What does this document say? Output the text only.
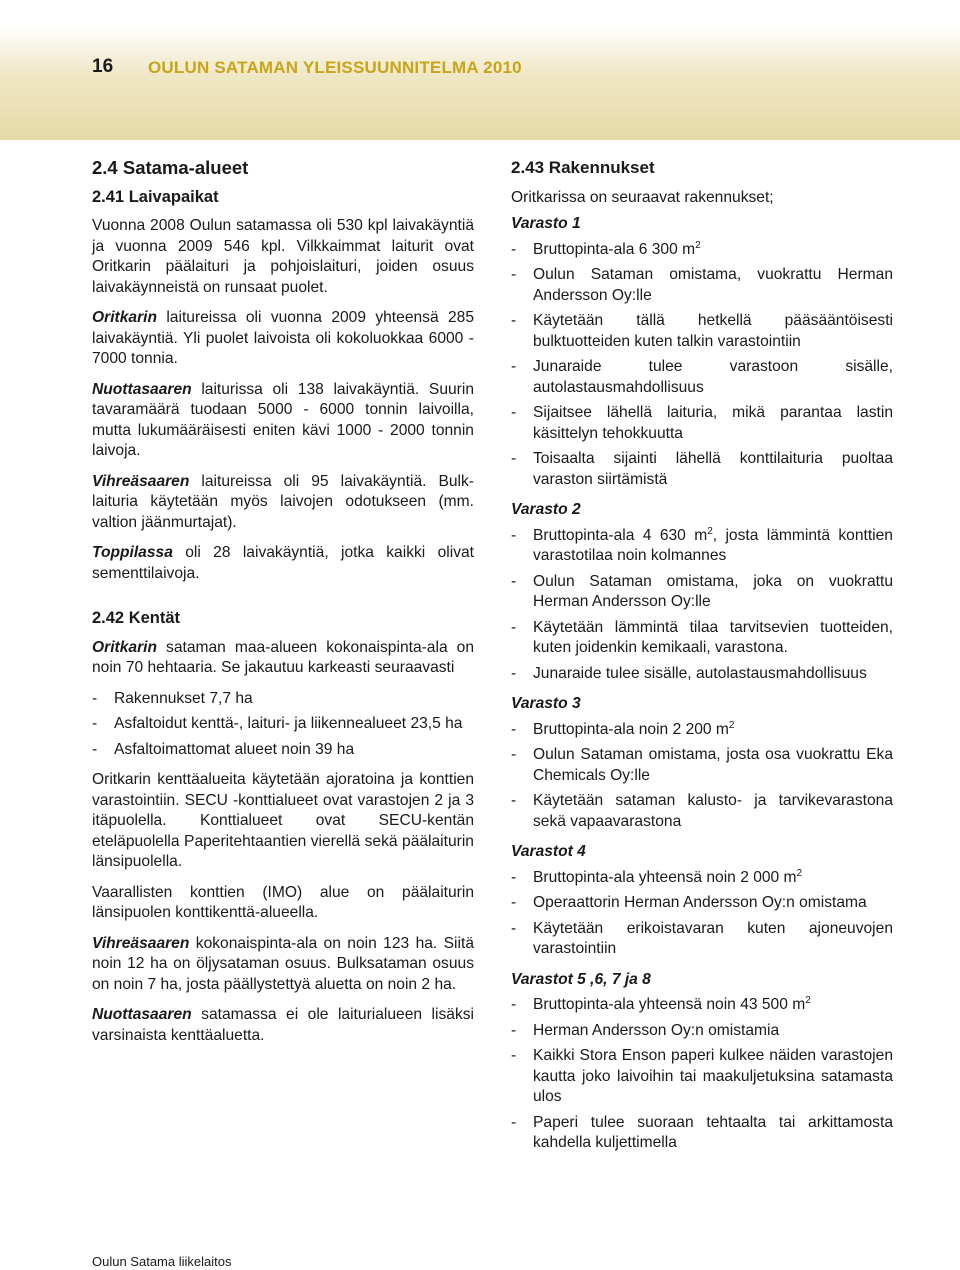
16 OULUN SATAMAN YLEISSUUNNITELMA 2010
2.4 Satama-alueet
2.41 Laivapaikat

Vuonna 2008 Oulun satamassa oli 530 kpl laivakäyntiä ja vuonna 2009 546 kpl. Vilkkaimmat laiturit ovat Oritkarin päälaituri ja pohjoislaituri, joiden osuus laivakäynneistä on runsaat puolet.

Oritkarin laitureissa oli vuonna 2009 yhteensä 285 laivakäyntiä. Yli puolet laivoista oli kokoluokkaa 6000 - 7000 tonnia.

Nuottasaaren laiturissa oli 138 laivakäyntiä. Suurin tavaramäärä tuodaan 5000 - 6000 tonnin laivoilla, mutta lukumääräisesti eniten kävi 1000 - 2000 tonnin laivoja.

Vihreäsaaren laitureissa oli 95 laivakäyntiä. Bulk-laituria käytetään myös laivojen odotukseen (mm. valtion jäänmurtajat).

Toppilassa oli 28 laivakäyntiä, jotka kaikki olivat sementtilaivoja.

2.42 Kentät

Oritkarin sataman maa-alueen kokonaispinta-ala on noin 70 hehtaaria. Se jakautuu karkeasti seuraavasti

- Rakennukset 7,7 ha
- Asfaltoidut kenttä-, laituri- ja liikennealueet 23,5 ha
- Asfaltoimattomat alueet noin 39 ha

Oritkarin kenttäalueita käytetään ajoratoina ja konttien varastointiin. SECU -konttialueet ovat varastojen 2 ja 3 itäpuolella. Konttialueet ovat SECU-kentän eteläpuolella Paperitehtaantien vierellä sekä päälaiturin länsipuolella.

Vaarallisten konttien (IMO) alue on päälaiturin länsipuolen konttikenttä-alueella.

Vihreäsaaren kokonaispinta-ala on noin 123 ha. Siitä noin 12 ha on öljysataman osuus. Bulksataman osuus on noin 7 ha, josta päällystettyä aluetta on noin 2 ha.

Nuottasaaren satamassa ei ole laiturialueen lisäksi varsinaista kenttäaluetta.

2.43 Rakennukset

Oritkarissa on seuraavat rakennukset;

Varasto 1
- Bruttopinta-ala 6 300 $m^2$
- Oulun Sataman omistama, vuokrattu Herman Andersson Oy:lle
- Käytetään tällä hetkellä pääsääntöisesti bulktuotteiden kuten talkin varastointiin
- Junaraide tulee varastoon sisälle, autolastausmahdollisuus
- Sijaitsee lähellä laituria, mikä parantaa lastin käsittelyn tehokkuutta
- Toisaalta sijainti lähellä konttilaituria puoltaa varaston siirtämistä
Varasto 2
- Bruttopinta-ala 4 630 $m^2$, josta lämmintä konttien varastotilaa noin kolmannes
- Oulun Sataman omistama, joka on vuokrattu Herman Andersson Oy:lle
- Käytetään lämmintä tilaa tarvitsevien tuotteiden, kuten joidenkin kemikaali, varastona.
- Junaraide tulee sisälle, autolastausmahdollisuus
Varasto 3
- Bruttopinta-ala noin 2 200 $m^2$
- Oulun Sataman omistama, josta osa vuokrattu Eka Chemicals Oy:lle
- Käytetään sataman kalusto- ja tarvikevarastona sekä vapaavarastona
Varastot 4
- Bruttopinta-ala yhteensä noin 2 000 $m^2$
- Operaattorin Herman Andersson Oy:n omistama
- Käytetään erikoistavaran kuten ajoneuvojen varastointiin
Varastot 5 ,6, 7 ja 8
- Bruttopinta-ala yhteensä noin 43 500 $m^2$
- Herman Andersson Oy:n omistamia
- Kaikki Stora Enson paperi kulkee näiden varastojen kautta joko laivoihin tai maakuljetuksina satamasta ulos
- Paperi tulee suoraan tehtaalta tai arkittamosta kahdella kuljettimella
Oulun Satama liikelaitos
